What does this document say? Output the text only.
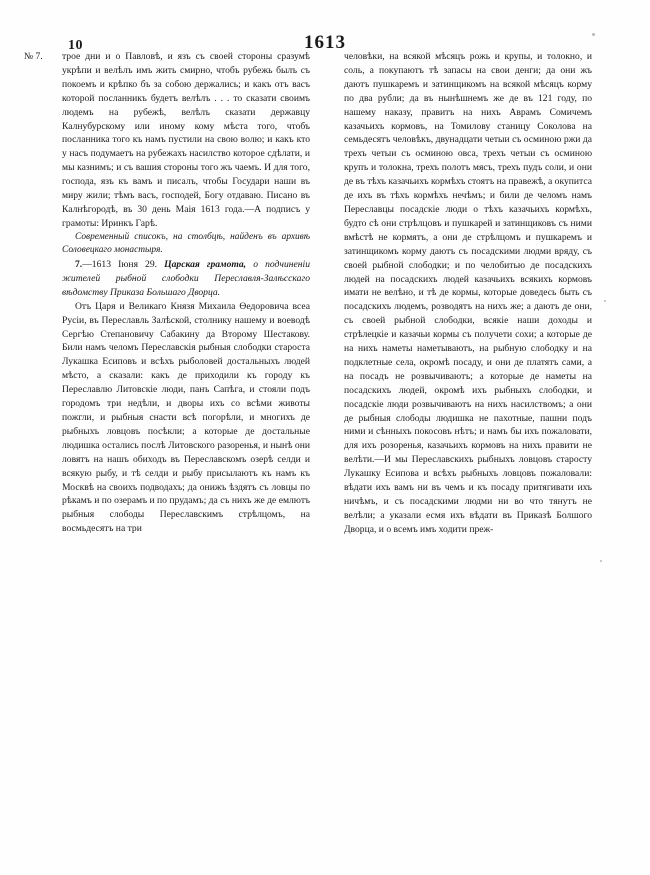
10	1613
№ 7.	трое дни и о Павловѣ, и язъ съ своей стороны сразумѣ укрѣпи и велѣлъ имъ жить смирно, чтобъ рубежь былъ съ покоемъ и крѣпко бъ за собою держались; и какъ отъ васъ которой посланникъ будетъ велѣлъ . . . то сказати своимъ людемъ на рубежѣ, велѣлъ сказати державцу Калнубурскому или иному кому мѣста того, чтобъ посланника того къ намъ пустили на свою волю; и какъ кто у насъ подумаетъ на рубежахъ насилство которое сдѣлати, и мы казнимъ; и съ вашия стороны того жъ чаемъ. И для того, господа, язъ къ вамъ и писалъ, чтобы Государи наши въ миру жили; тѣмъ васъ, господей, Богу отдаваю. Писано въ Калнѣгородѣ, въ 30 день Маія 1613 года.—А подписъ у грамоты: Иринкъ Гарѣ.

Современный списокъ, на столбцѣ, найденъ въ архивѣ Соловецкаго монастыря.

7.—1613 Іюня 29. Царская грамота, о подчиненіи жителей рыбной слободки Переславля-Залѣсскаго вѣдомству Приказа Большаго Дворца.

Отъ Царя и Великаго Князя Михаила Ѳедоровича всеа Русіи, въ Переславль Залѣской, столнику нашему и воеводѣ Сергѣю Степановичу Сабакину да Второму Шестакову. Били намъ челомъ Переславскія рыбныя слободки староста Лукашка Есиповъ и всѣхъ рыболовей достальныхъ людей мѣсто, а сказали: какъ де приходили къ городу къ Переславлю Литовскіе люди, панъ Сапѣга, и стояли подъ городомъ три недѣли, и дворы ихъ со всѣми животы пожгли, и рыбныя снасти всѣ погорѣли, и многихъ де рыбныхъ ловцовъ посѣкли; а которые де достальные людишка остались послѣ Литовского разоренья, и нынѣ они ловятъ на нашъ обиходъ въ Переславскомъ озерѣ селди и всякую рыбу, и тѣ селди и рыбу присылаютъ къ намъ къ Москвѣ на своихъ подводахъ; да онижъ ѣздятъ съ ловцы по рѣкамъ и по озерамъ и по прудамъ; да съ нихъ же де емлютъ рыбныя слободы Переславскимъ стрѣлцомъ, на восмьдесятъ на три

человѣки, на всякой мѣсяцъ рожь и крупы, и толокно, и соль, а покупаютъ тѣ запасы на свои денги; да они жъ даютъ пушкаремъ и затинщикомъ на всякой мѣсяцъ корму по два рубли; да въ нынѣшнемъ же де въ 121 году, по нашему наказу, правитъ на нихъ Аврамъ Сомичемъ казачьихъ кормовъ, на Томилову станицу Соколова на семьдесятъ человѣкъ, двунадцати четыи съ осминою ржи да трехъ четыи съ осминою овса, трехъ четыи съ осминою крупъ и толокна, трехъ полотъ мясъ, трехъ пудъ соли, и они де въ тѣхъ казачьихъ кормѣхъ стоятъ на правежѣ, а окупитса де ихъ въ тѣхъ кормѣхъ нечѣмъ; и били де челомъ намъ Переславцы посадскіе люди о тѣхъ казачьихъ кормѣхъ, будто сѣ они стрѣлцовъ и пушкарей и затинщиковъ съ ними вмѣстѣ не кормятъ, а они де стрѣлцомъ и пушкаремъ и затинщикомъ корму даютъ съ посадскими людми вряду, съ своей рыбной слободки; и по челобитью де посадскихъ людей на посадскихъ людей казачьихъ всякихъ кормовъ имати не велѣно, и тѣ де кормы, которые доведесь быть съ посадскихъ людемъ, розводятъ на нихъ же; а даютъ де они, съ своей рыбной слободки, всякіе наши доходы и стрѣлецкіе и казачьи кормы съ получети сохи; а которые де на нихъ наметы наметываютъ, на рыбную слободку и на подклетные села, окромѣ посаду, и они де платятъ сами, а на посадъ не розвычиваютъ; а которые де наметы на посадскихъ людей, окромѣ ихъ рыбныхъ слободки, и посадскіе люди розвычиваютъ на нихъ насилствомъ; а они де рыбныя слободы людишка не пахотные, пашни подъ ними и сѣнныхъ покосовъ нѣтъ; и намъ бы ихъ пожаловати, для ихъ розоренья, казачьихъ кормовъ на нихъ правити не велѣти.—И мы Переславскихъ рыбныхъ ловцовъ старосту Лукашку Есипова и всѣхъ рыбныхъ ловцовъ пожаловали: вѣдати ихъ вамъ ни въ чемъ и къ посаду притягивати ихъ ничѣмъ, и съ посадскими людми ни во что тянутъ не велѣли; а указали есмя ихъ вѣдати въ Приказѣ Болшого Дворца, и о всемъ имъ ходити преж-
